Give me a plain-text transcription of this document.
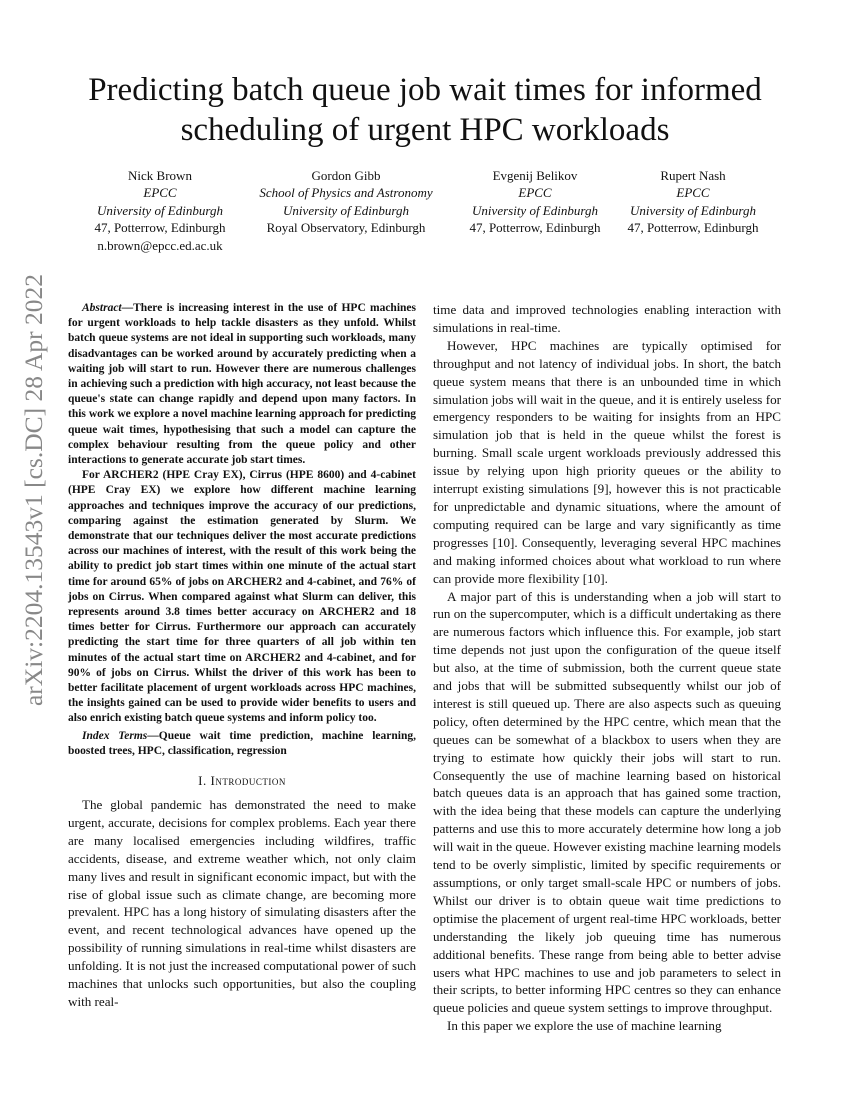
arXiv:2204.13543v1 [cs.DC] 28 Apr 2022
Predicting batch queue job wait times for informed scheduling of urgent HPC workloads
Nick Brown
EPCC
University of Edinburgh
47, Potterrow, Edinburgh
n.brown@epcc.ed.ac.uk
Gordon Gibb
School of Physics and Astronomy
University of Edinburgh
Royal Observatory, Edinburgh
Evgenij Belikov
EPCC
University of Edinburgh
47, Potterrow, Edinburgh
Rupert Nash
EPCC
University of Edinburgh
47, Potterrow, Edinburgh

Abstract—There is increasing interest in the use of HPC machines for urgent workloads to help tackle disasters as they unfold. Whilst batch queue systems are not ideal in supporting such workloads, many disadvantages can be worked around by accurately predicting when a waiting job will start to run. However there are numerous challenges in achieving such a prediction with high accuracy, not least because the queue's state can change rapidly and depend upon many factors. In this work we explore a novel machine learning approach for predicting queue wait times, hypothesising that such a model can capture the complex behaviour resulting from the queue policy and other interactions to generate accurate job start times.

For ARCHER2 (HPE Cray EX), Cirrus (HPE 8600) and 4-cabinet (HPE Cray EX) we explore how different machine learning approaches and techniques improve the accuracy of our predictions, comparing against the estimation generated by Slurm. We demonstrate that our techniques deliver the most accurate predictions across our machines of interest, with the result of this work being the ability to predict job start times within one minute of the actual start time for around 65% of jobs on ARCHER2 and 4-cabinet, and 76% of jobs on Cirrus. When compared against what Slurm can deliver, this represents around 3.8 times better accuracy on ARCHER2 and 18 times better for Cirrus. Furthermore our approach can accurately predicting the start time for three quarters of all job within ten minutes of the actual start time on ARCHER2 and 4-cabinet, and for 90% of jobs on Cirrus. Whilst the driver of this work has been to better facilitate placement of urgent workloads across HPC machines, the insights gained can be used to provide wider benefits to users and also enrich existing batch queue systems and inform policy too.

Index Terms—Queue wait time prediction, machine learning, boosted trees, HPC, classification, regression

I. Introduction

The global pandemic has demonstrated the need to make urgent, accurate, decisions for complex problems. Each year there are many localised emergencies including wildfires, traffic accidents, disease, and extreme weather which, not only claim many lives and result in significant economic impact, but with the rise of global issue such as climate change, are becoming more prevalent. HPC has a long history of simulating disasters after the event, and recent technological advances have opened up the possibility of running simulations in real-time whilst disasters are unfolding. It is not just the increased computational power of such machines that unlocks such opportunities, but also the coupling with real-

time data and improved technologies enabling interaction with simulations in real-time.

However, HPC machines are typically optimised for throughput and not latency of individual jobs. In short, the batch queue system means that there is an unbounded time in which simulation jobs will wait in the queue, and it is entirely useless for emergency responders to be waiting for insights from an HPC simulation job that is held in the queue whilst the forest is burning. Small scale urgent workloads previously addressed this issue by relying upon high priority queues or the ability to interrupt existing simulations [9], however this is not practicable for unpredictable and dynamic situations, where the amount of computing required can be large and vary significantly as time progresses [10]. Consequently, leveraging several HPC machines and making informed choices about what workload to run where can provide more flexibility [10].

A major part of this is understanding when a job will start to run on the supercomputer, which is a difficult undertaking as there are numerous factors which influence this. For example, job start time depends not just upon the configuration of the queue itself but also, at the time of submission, both the current queue state and jobs that will be submitted subsequently whilst our job of interest is still queued up. There are also aspects such as queuing policy, often determined by the HPC centre, which mean that the queues can be somewhat of a blackbox to users when they are trying to estimate how quickly their jobs will start to run. Consequently the use of machine learning based on historical batch queues data is an approach that has gained some traction, with the idea being that these models can capture the underlying patterns and use this to more accurately determine how long a job will wait in the queue. However existing machine learning models tend to be overly simplistic, limited by specific requirements or assumptions, or only target small-scale HPC or numbers of jobs. Whilst our driver is to obtain queue wait time predictions to optimise the placement of urgent real-time HPC workloads, better understanding the likely job queuing time has numerous additional benefits. These range from being able to better advise users what HPC machines to use and job parameters to select in their scripts, to better informing HPC centres so they can enhance queue policies and queue system settings to improve throughput.

In this paper we explore the use of machine learning
